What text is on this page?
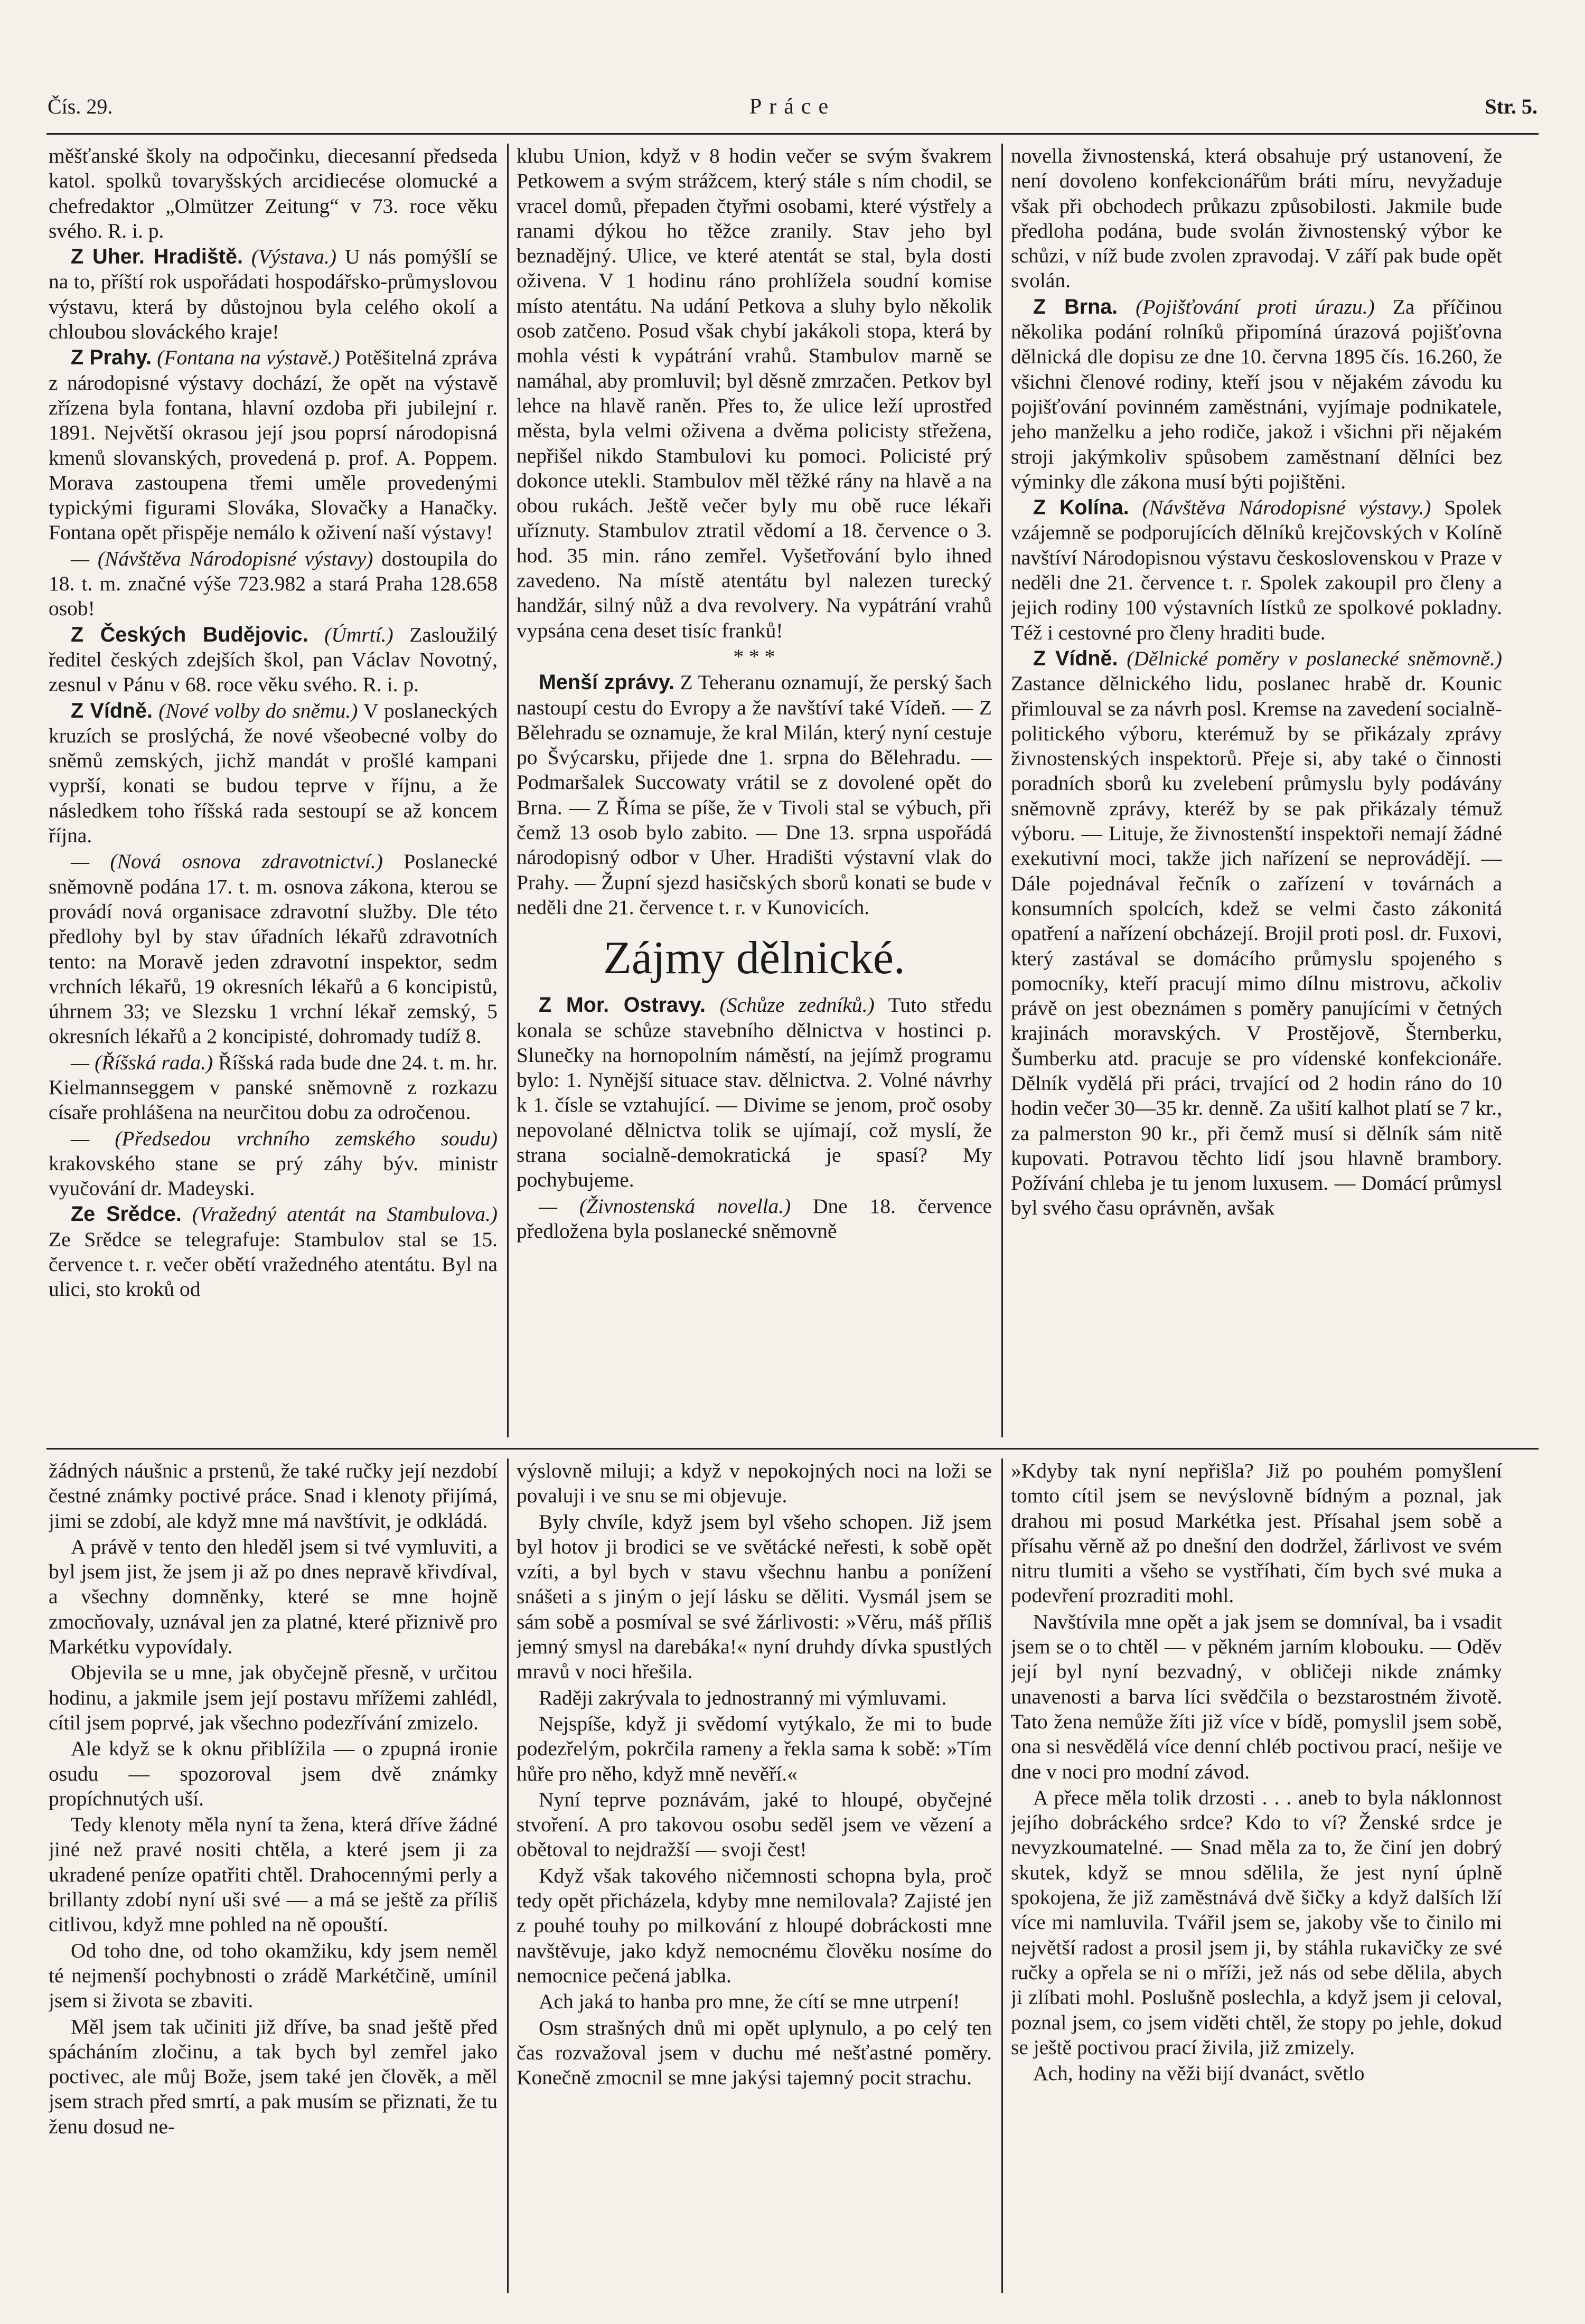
Čís. 29.	Práce	Str. 5.

měšťanské školy na odpočinku, diecesanní předseda katol. spolků tovaryšských arcidiecése olomucké a chefredaktor „Olmützer Zeitung“ v 73. roce věku svého. R. i. p.

Z Uher. Hradiště. (Výstava.) U nás pomýšlí se na to, příští rok uspořádati hospodářsko-průmyslovou výstavu, která by důstojnou byla celého okolí a chloubou slováckého kraje!

Z Prahy. (Fontana na výstavě.) Potěšitelná zpráva z národopisné výstavy dochází, že opět na výstavě zřízena byla fontana, hlavní ozdoba při jubilejní r. 1891. Největší okrasou její jsou poprsí národopisná kmenů slovanských, provedená p. prof. A. Poppem. Morava zastoupena třemi uměle provedenými typickými figurami Slováka, Slovačky a Hanačky. Fontana opět přispěje nemálo k oživení naší výstavy!

— (Návštěva Národopisné výstavy) dostoupila do 18. t. m. značné výše 723.982 a stará Praha 128.658 osob!

Z Českých Budějovic. (Úmrtí.) Zasloužilý ředitel českých zdejších škol, pan Václav Novotný, zesnul v Pánu v 68. roce věku svého. R. i. p.

Z Vídně. (Nové volby do sněmu.) V poslaneckých kruzích se proslýchá, že nové všeobecné volby do sněmů zemských, jichž mandát v prošlé kampani vyprší, konati se budou teprve v říjnu, a že následkem toho říšská rada sestoupí se až koncem října.

— (Nová osnova zdravotnictví.) Poslanecké sněmovně podána 17. t. m. osnova zákona, kterou se provádí nová organisace zdravotní služby. Dle této předlohy byl by stav úřadních lékařů zdravotních tento: na Moravě jeden zdravotní inspektor, sedm vrchních lékařů, 19 okresních lékařů a 6 koncipistů, úhrnem 33; ve Slezsku 1 vrchní lékař zemský, 5 okresních lékařů a 2 koncipisté, dohromady tudíž 8.

— (Říšská rada.) Říšská rada bude dne 24. t. m. hr. Kielmannseggem v panské sněmovně z rozkazu císaře prohlášena na neurčitou dobu za odročenou.

— (Předsedou vrchního zemského soudu) krakovského stane se prý záhy býv. ministr vyučování dr. Madeyski.

Ze Srědce. (Vražedný atentát na Stambulova.) Ze Srědce se telegrafuje: Stambulov stal se 15. července t. r. večer obětí vražedného atentátu. Byl na ulici, sto kroků od

klubu Union, když v 8 hodin večer se svým švakrem Petkowem a svým strážcem, který stále s ním chodil, se vracel domů, přepaden čtyřmi osobami, které výstřely a ranami dýkou ho těžce zranily. Stav jeho byl beznadějný. Ulice, ve které atentát se stal, byla dosti oživena. V 1 hodinu ráno prohlížela soudní komise místo atentátu. Na udání Petkova a sluhy bylo několik osob zatčeno. Posud však chybí jakákoli stopa, která by mohla vésti k vypátrání vrahů. Stambulov marně se namáhal, aby promluvil; byl děsně zmrzačen. Petkov byl lehce na hlavě raněn. Přes to, že ulice leží uprostřed města, byla velmi oživena a dvěma policisty střežena, nepřišel nikdo Stambulovi ku pomoci. Policisté prý dokonce utekli. Stambulov měl těžké rány na hlavě a na obou rukách. Ještě večer byly mu obě ruce lékaři uříznuty. Stambulov ztratil vědomí a 18. července o 3. hod. 35 min. ráno zemřel. Vyšetřování bylo ihned zavedeno. Na místě atentátu byl nalezen turecký handžár, silný nůž a dva revolvery. Na vypátrání vrahů vypsána cena deset tisíc franků!

* * *

Menší zprávy. Z Teheranu oznamují, že perský šach nastoupí cestu do Evropy a že navštíví také Vídeň. — Z Bělehradu se oznamuje, že kral Milán, který nyní cestuje po Švýcarsku, přijede dne 1. srpna do Bělehradu. — Podmaršalek Succowaty vrátil se z dovolené opět do Brna. — Z Říma se píše, že v Tivoli stal se výbuch, při čemž 13 osob bylo zabito. — Dne 13. srpna uspořádá národopisný odbor v Uher. Hradišti výstavní vlak do Prahy. — Župní sjezd hasičských sborů konati se bude v neděli dne 21. července t. r. v Kunovicích.

Zájmy dělnické.

Z Mor. Ostravy. (Schůze zedníků.) Tuto středu konala se schůze stavebního dělnictva v hostinci p. Slunečky na hornopolním náměstí, na jejímž programu bylo: 1. Nynější situace stav. dělnictva. 2. Volné návrhy k 1. čísle se vztahující. — Divime se jenom, proč osoby nepovolané dělnictva tolik se ujímají, což myslí, že strana socialně-demokratická je spasí? My pochybujeme.

— (Živnostenská novella.) Dne 18. července předložena byla poslanecké sněmovně

novella živnostenská, která obsahuje prý ustanovení, že není dovoleno konfekcionářům bráti míru, nevyžaduje však při obchodech průkazu způsobilosti. Jakmile bude předloha podána, bude svolán živnostenský výbor ke schůzi, v níž bude zvolen zpravodaj. V září pak bude opět svolán.

Z Brna. (Pojišťování proti úrazu.) Za příčinou několika podání rolníků připomíná úrazová pojišťovna dělnická dle dopisu ze dne 10. června 1895 čís. 16.260, že všichni členové rodiny, kteří jsou v nějakém závodu ku pojišťování povinném zaměstnáni, vyjímaje podnikatele, jeho manželku a jeho rodiče, jakož i všichni při nějakém stroji jakýmkoliv spůsobem zaměstnaní dělníci bez výminky dle zákona musí býti pojištěni.

Z Kolína. (Návštěva Národopisné výstavy.) Spolek vzájemně se podporujících dělníků krejčovských v Kolíně navštíví Národopisnou výstavu československou v Praze v neděli dne 21. července t. r. Spolek zakoupil pro členy a jejich rodiny 100 výstavních lístků ze spolkové pokladny. Též i cestovné pro členy hraditi bude.

Z Vídně. (Dělnické poměry v poslanecké sněmovně.) Zastance dělnického lidu, poslanec hrabě dr. Kounic přimlouval se za návrh posl. Kremse na zavedení socialně-politického výboru, kterémuž by se přikázaly zprávy živnostenských inspektorů. Přeje si, aby také o činnosti poradních sborů ku zvelebení průmyslu byly podávány sněmovně zprávy, kteréž by se pak přikázaly témuž výboru. — Lituje, že živnostenští inspektoři nemají žádné exekutivní moci, takže jich nařízení se neprovádějí. — Dále pojednával řečník o zařízení v továrnách a konsumních spolcích, kdež se velmi často zákonitá opatření a nařízení obcházejí. Brojil proti posl. dr. Fuxovi, který zastával se domácího průmyslu spojeného s pomocníky, kteří pracují mimo dílnu mistrovu, ačkoliv právě on jest obeznámen s poměry panujícími v četných krajinách moravských. V Prostějově, Šternberku, Šumberku atd. pracuje se pro vídenské konfekcionáře. Dělník vydělá při práci, trvající od 2 hodin ráno do 10 hodin večer 30—35 kr. denně. Za ušití kalhot platí se 7 kr., za palmerston 90 kr., při čemž musí si dělník sám nitě kupovati. Potravou těchto lidí jsou hlavně brambory. Požívání chleba je tu jenom luxusem. — Domácí průmysl byl svého času oprávněn, avšak

žádných náušnic a prstenů, že také ručky její nezdobí čestné známky poctivé práce. Snad i klenoty přijímá, jimi se zdobí, ale když mne má navštívit, je odkládá.

A právě v tento den hleděl jsem si tvé vymluviti, a byl jsem jist, že jsem ji až po dnes nepravě křivdíval, a všechny domněnky, které se mne hojně zmocňovaly, uznával jen za platné, které přiznivě pro Markétku vypovídaly.

Objevila se u mne, jak obyčejně přesně, v určitou hodinu, a jakmile jsem její postavu mřížemi zahlédl, cítil jsem poprvé, jak všechno podezřívání zmizelo.

Ale když se k oknu přiblížila — o zpupná ironie osudu — spozoroval jsem dvě známky propíchnutých uší.

Tedy klenoty měla nyní ta žena, která dříve žádné jiné než pravé nositi chtěla, a které jsem ji za ukradené peníze opatřiti chtěl. Drahocennými perly a brillanty zdobí nyní uši své — a má se ještě za příliš citlivou, když mne pohled na ně opouští.

Od toho dne, od toho okamžiku, kdy jsem neměl té nejmenší pochybnosti o zrádě Markétčině, umínil jsem si života se zbaviti.

Měl jsem tak učiniti již dříve, ba snad ještě před spácháním zločinu, a tak bych byl zemřel jako poctivec, ale můj Bože, jsem také jen člověk, a měl jsem strach před smrtí, a pak musím se přiznati, že tu ženu dosud ne-

výslovně miluji; a když v nepokojných noci na loži se povaluji i ve snu se mi objevuje.

Byly chvíle, když jsem byl všeho schopen. Již jsem byl hotov ji brodici se ve světácké neřesti, k sobě opět vzíti, a byl bych v stavu všechnu hanbu a ponížení snášeti a s jiným o její lásku se děliti. Vysmál jsem se sám sobě a posmíval se své žárlivosti: »Věru, máš příliš jemný smysl na darebáka!« nyní druhdy dívka spustlých mravů v noci hřešila.

Raději zakrývala to jednostranný mi výmluvami.

Nejspíše, když ji svědomí vytýkalo, že mi to bude podezřelým, pokrčila rameny a řekla sama k sobě: »Tím hůře pro něho, když mně nevěří.«

Nyní teprve poznávám, jaké to hloupé, obyčejné stvoření. A pro takovou osobu seděl jsem ve vězení a obětoval to nejdražší — svoji čest!

Když však takového ničemnosti schopna byla, proč tedy opět přicházela, kdyby mne nemilovala? Zajisté jen z pouhé touhy po milkování z hloupé dobráckosti mne navštěvuje, jako když nemocnému člověku nosíme do nemocnice pečená jablka.

Ach jaká to hanba pro mne, že cítí se mne utrpení!

Osm strašných dnů mi opět uplynulo, a po celý ten čas rozvažoval jsem v duchu mé nešťastné poměry. Konečně zmocnil se mne jakýsi tajemný pocit strachu.

»Kdyby tak nyní nepřišla? Již po pouhém pomyšlení tomto cítil jsem se nevýslovně bídným a poznal, jak drahou mi posud Markétka jest. Přísahal jsem sobě a přísahu věrně až po dnešní den dodržel, žárlivost ve svém nitru tlumiti a všeho se vystříhati, čím bych své muka a podevření prozraditi mohl.

Navštívila mne opět a jak jsem se domníval, ba i vsadit jsem se o to chtěl — v pěkném jarním klobouku. — Oděv její byl nyní bezvadný, v obličeji nikde známky unavenosti a barva líci svědčila o bezstarostném životě. Tato žena nemůže žíti již více v bídě, pomyslil jsem sobě, ona si nesvědělá více denní chléb poctivou prací, nešije ve dne v noci pro modní závod.

A přece měla tolik drzosti . . . aneb to byla náklonnost jejího dobráckého srdce? Kdo to ví? Ženské srdce je nevyzkoumatelné. — Snad měla za to, že činí jen dobrý skutek, když se mnou sdělila, že jest nyní úplně spokojena, že již zaměstnává dvě šičky a když dalších lží více mi namluvila. Tvářil jsem se, jakoby vše to činilo mi největší radost a prosil jsem ji, by stáhla rukavičky ze své ručky a opřela se ni o mříži, jež nás od sebe dělila, abych ji zlíbati mohl. Poslušně poslechla, a když jsem ji celoval, poznal jsem, co jsem viděti chtěl, že stopy po jehle, dokud se ještě poctivou prací živila, již zmizely.

Ach, hodiny na věži bijí dvanáct, světlo
